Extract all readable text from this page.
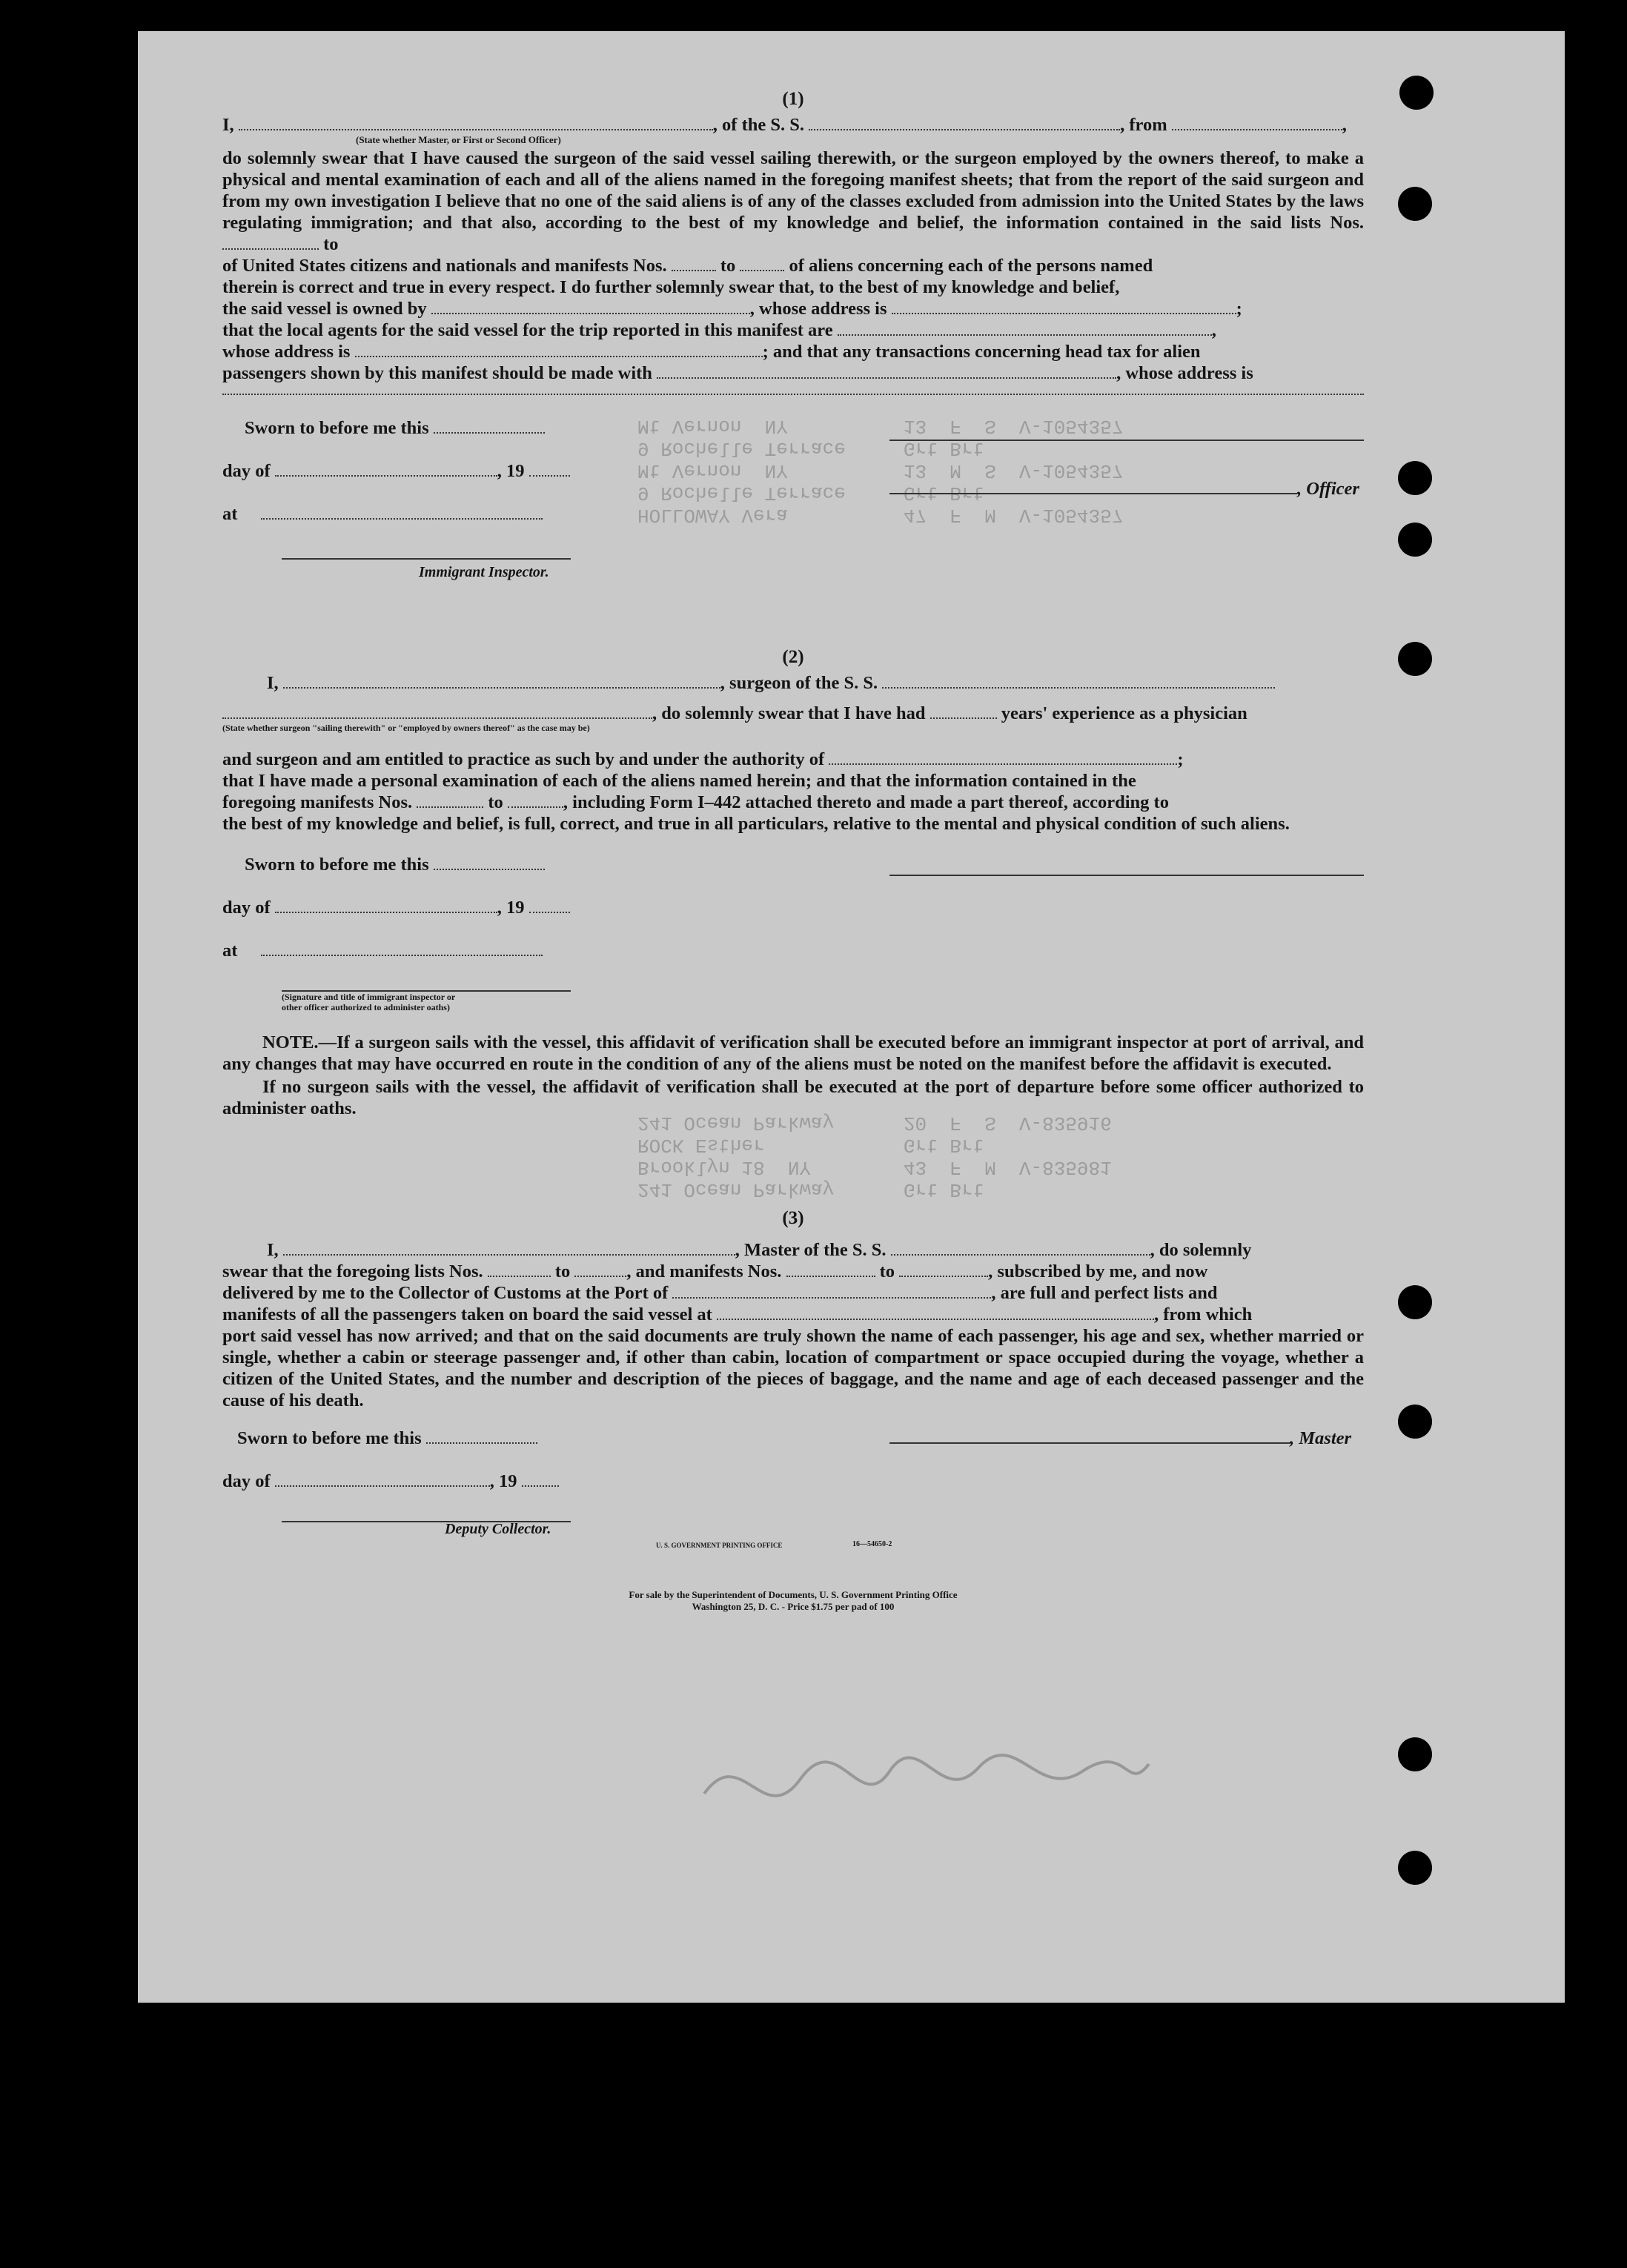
HOLLOWAY Vera          47  F  M  V-1054357
9 Rochelle Terrace     Grt Brt
Mt Vernon  NY          13  M  S  V-1054357
9 Rochelle Terrace     Grt Brt
Mt Vernon  NY          13  F  S  V-1054357
241 Ocean Parkway      Grt Brt
Brooklyn 18  NY        43  F  M  V-835981
ROCK Esther            Grt Brt
241 Ocean Parkway      20  F  S  V-835916
(1)
I,	, of the S. S.	, from	,
(State whether Master, or First or Second Officer)

do solemnly swear that I have caused the surgeon of the said vessel sailing therewith, or the surgeon employed by the owners thereof, to make a physical and mental examination of each and all of the aliens named in the foregoing manifest sheets; that from the report of the said surgeon and from my own investigation I believe that no one of the said aliens is of any of the classes excluded from admission into the United States by the laws regulating immigration; and that also, according to the best of my knowledge and belief, the information contained in the said lists Nos.  to

of United States citizens and nationals and manifests Nos.	to	of aliens concerning each of the persons named
therein is correct and true in every respect. I do further solemnly swear that, to the best of my knowledge and belief,
the said vessel is owned by	, whose address is	;
that the local agents for the said vessel for the trip reported in this manifest are	,
whose address is	; and that any transactions concerning head tax for alien
passengers shown by this manifest should be made with	, whose address is
Sworn to before me this
day of	, 19
, Officer
at
Immigrant Inspector.
(2)
I,	, surgeon of the S. S.
, do solemnly swear that I have had	years' experience as a physician
(State whether surgeon "sailing therewith" or "employed by owners thereof" as the case may be)
and surgeon and am entitled to practice as such by and under the authority of	;
that I have made a personal examination of each of the aliens named herein; and that the information contained in the
foregoing manifests Nos.	to	, including Form I–442 attached thereto and made a part thereof, according to

the best of my knowledge and belief, is full, correct, and true in all particulars, relative to the mental and physical condition of such aliens.

Sworn to before me this
day of	, 19
at
(Signature and title of immigrant inspector or
other officer authorized to administer oaths)

NOTE.—If a surgeon sails with the vessel, this affidavit of verification shall be executed before an immigrant inspector at port of arrival, and any changes that may have occurred en route in the condition of any of the aliens must be noted on the manifest before the affidavit is executed.

If no surgeon sails with the vessel, the affidavit of verification shall be executed at the port of departure before some officer authorized to administer oaths.

(3)
I,	, Master of the S. S.	, do solemnly
swear that the foregoing lists Nos.	to	, and manifests Nos.	to	, subscribed by me, and now
delivered by me to the Collector of Customs at the Port of	, are full and perfect lists and
manifests of all the passengers taken on board the said vessel at	, from which

port said vessel has now arrived; and that on the said documents are truly shown the name of each passenger, his age and sex, whether married or single, whether a cabin or steerage passenger and, if other than cabin, location of compartment or space occupied during the voyage, whether a citizen of the United States, and the number and description of the pieces of baggage, and the name and age of each deceased passenger and the cause of his death.

Sworn to before me this	, Master
day of	, 19
Deputy Collector.
U. S. GOVERNMENT PRINTING OFFICE	16—54650-2
For sale by the Superintendent of Documents, U. S. Government Printing Office
Washington 25, D. C. - Price $1.75 per pad of 100
